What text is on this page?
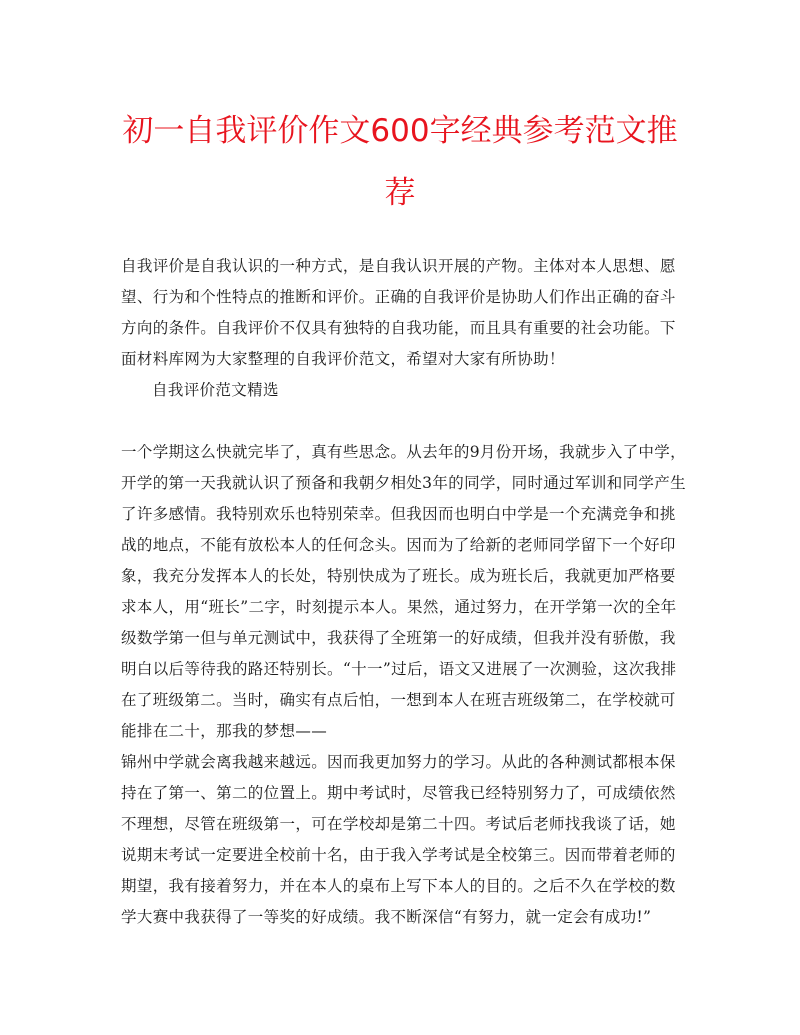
初一自我评价作文600字经典参考范文推
荐
自我评价是自我认识的一种方式，是自我认识开展的产物。主体对本人思想、愿
望、行为和个性特点的推断和评价。正确的自我评价是协助人们作出正确的奋斗
方向的条件。自我评价不仅具有独特的自我功能，而且具有重要的社会功能。下
面材料库网为大家整理的自我评价范文，希望对大家有所协助！
自我评价范文精选
一个学期这么快就完毕了，真有些思念。从去年的9月份开场，我就步入了中学，
开学的第一天我就认识了预备和我朝夕相处3年的同学，同时通过军训和同学产生
了许多感情。我特别欢乐也特别荣幸。但我因而也明白中学是一个充满竞争和挑
战的地点，不能有放松本人的任何念头。因而为了给新的老师同学留下一个好印
象，我充分发挥本人的长处，特别快成为了班长。成为班长后，我就更加严格要
求本人，用“班长”二字，时刻提示本人。果然，通过努力，在开学第一次的全年
级数学第一但与单元测试中，我获得了全班第一的好成绩，但我并没有骄傲，我
明白以后等待我的路还特别长。“十一”过后，语文又进展了一次测验，这次我排
在了班级第二。当时，确实有点后怕，一想到本人在班吉班级第二，在学校就可
能排在二十，那我的梦想——
锦州中学就会离我越来越远。因而我更加努力的学习。从此的各种测试都根本保
持在了第一、第二的位置上。期中考试时，尽管我已经特别努力了，可成绩依然
不理想，尽管在班级第一，可在学校却是第二十四。考试后老师找我谈了话，她
说期末考试一定要进全校前十名，由于我入学考试是全校第三。因而带着老师的
期望，我有接着努力，并在本人的桌布上写下本人的目的。之后不久在学校的数
学大赛中我获得了一等奖的好成绩。我不断深信“有努力，就一定会有成功!”
